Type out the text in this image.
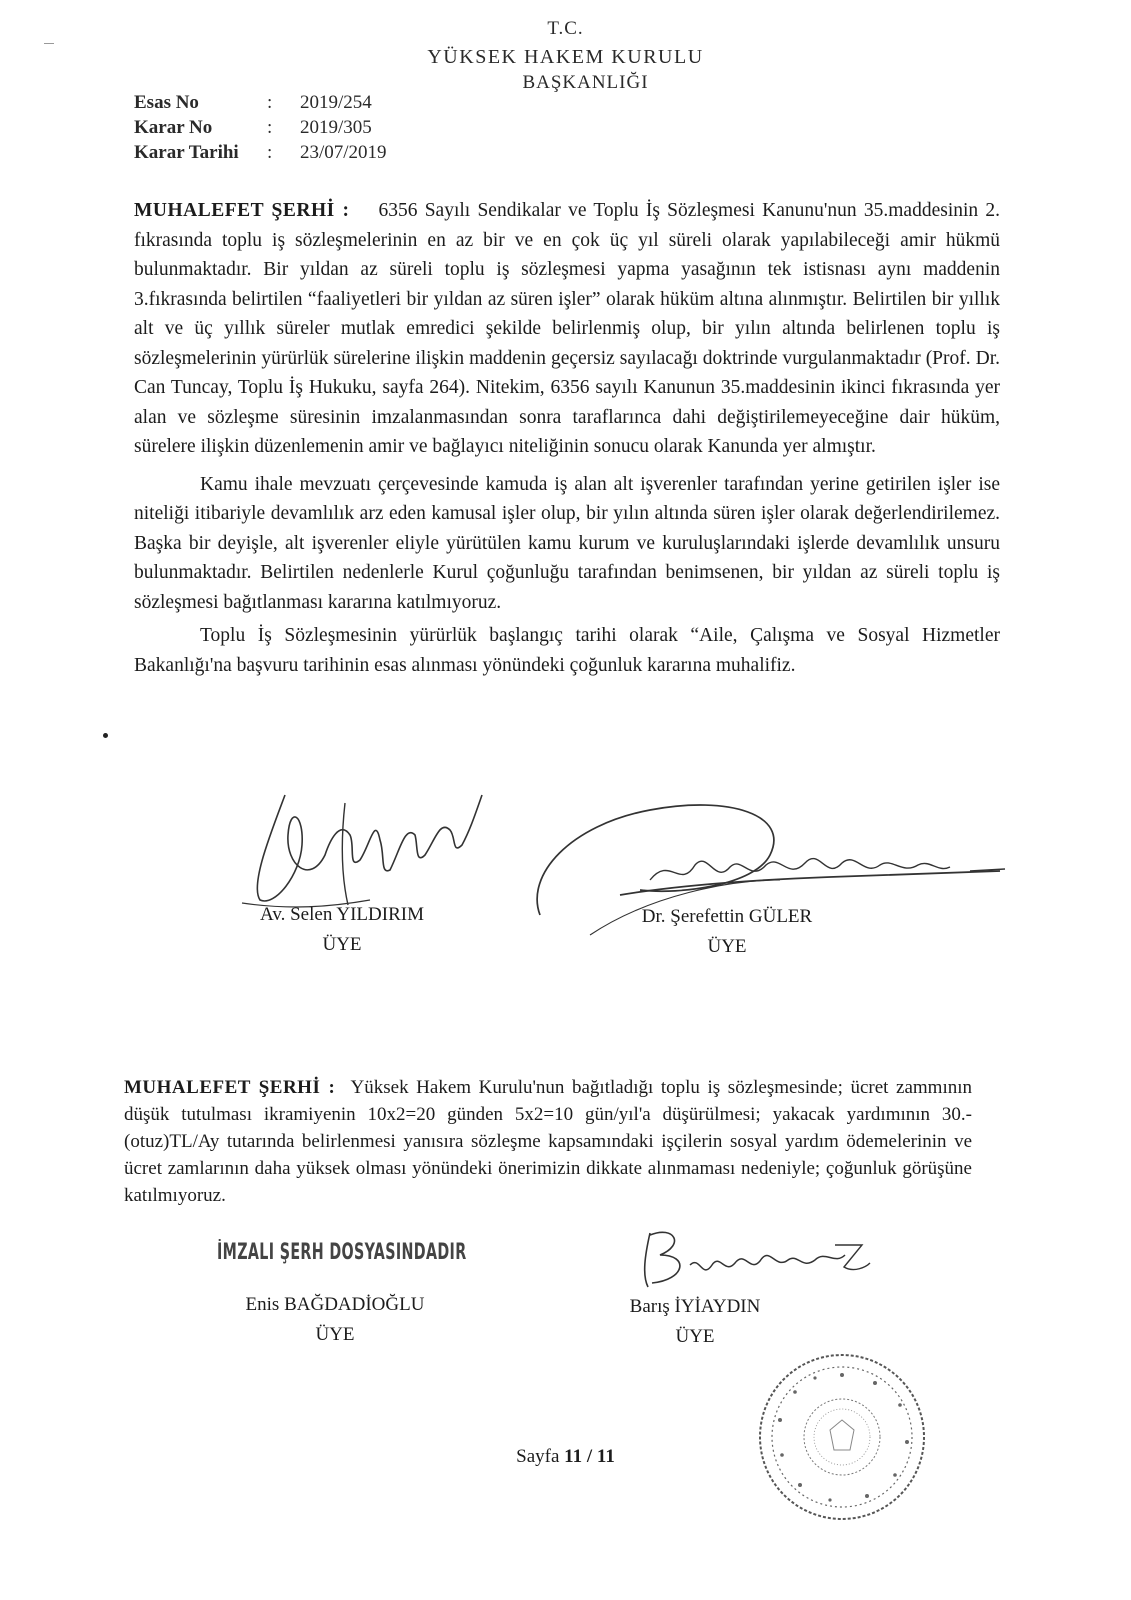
T.C.
YÜKSEK HAKEM KURULU
BAŞKANLIĞI
Esas No	:	2019/254
Karar No	:	2019/305
Karar Tarihi	:	23/07/2019

MUHALEFET ŞERHİ : 6356 Sayılı Sendikalar ve Toplu İş Sözleşmesi Kanunu'nun 35.maddesinin 2. fıkrasında toplu iş sözleşmelerinin en az bir ve en çok üç yıl süreli olarak yapılabileceği amir hükmü bulunmaktadır. Bir yıldan az süreli toplu iş sözleşmesi yapma yasağının tek istisnası aynı maddenin 3.fıkrasında belirtilen “faaliyetleri bir yıldan az süren işler” olarak hüküm altına alınmıştır. Belirtilen bir yıllık alt ve üç yıllık süreler mutlak emredici şekilde belirlenmiş olup, bir yılın altında belirlenen toplu iş sözleşmelerinin yürürlük sürelerine ilişkin maddenin geçersiz sayılacağı doktrinde vurgulanmaktadır (Prof. Dr. Can Tuncay, Toplu İş Hukuku, sayfa 264). Nitekim, 6356 sayılı Kanunun 35.maddesinin ikinci fıkrasında yer alan ve sözleşme süresinin imzalanmasından sonra taraflarınca dahi değiştirilemeyeceğine dair hüküm, sürelere ilişkin düzenlemenin amir ve bağlayıcı niteliğinin sonucu olarak Kanunda yer almıştır.

Kamu ihale mevzuatı çerçevesinde kamuda iş alan alt işverenler tarafından yerine getirilen işler ise niteliği itibariyle devamlılık arz eden kamusal işler olup, bir yılın altında süren işler olarak değerlendirilemez. Başka bir deyişle, alt işverenler eliyle yürütülen kamu kurum ve kuruluşlarındaki işlerde devamlılık unsuru bulunmaktadır. Belirtilen nedenlerle Kurul çoğunluğu tarafından benimsenen, bir yıldan az süreli toplu iş sözleşmesi bağıtlanması kararına katılmıyoruz.

Toplu İş Sözleşmesinin yürürlük başlangıç tarihi olarak “Aile, Çalışma ve Sosyal Hizmetler Bakanlığı'na başvuru tarihinin esas alınması yönündeki çoğunluk kararına muhalifiz.

Av. Selen YILDIRIM
ÜYE
Dr. Şerefettin GÜLER
ÜYE

MUHALEFET ŞERHİ : Yüksek Hakem Kurulu'nun bağıtladığı toplu iş sözleşmesinde; ücret zammının düşük tutulması ikramiyenin 10x2=20 günden 5x2=10 gün/yıl'a düşürülmesi; yakacak yardımının 30.-(otuz)TL/Ay tutarında belirlenmesi yanısıra sözleşme kapsamındaki işçilerin sosyal yardım ödemelerinin ve ücret zamlarının daha yüksek olması yönündeki önerimizin dikkate alınmaması nedeniyle; çoğunluk görüşüne katılmıyoruz.

İMZALI ŞERH DOSYASINDADIR
Enis BAĞDADİOĞLU
ÜYE
Barış İYİAYDIN
ÜYE
Sayfa 11 / 11
